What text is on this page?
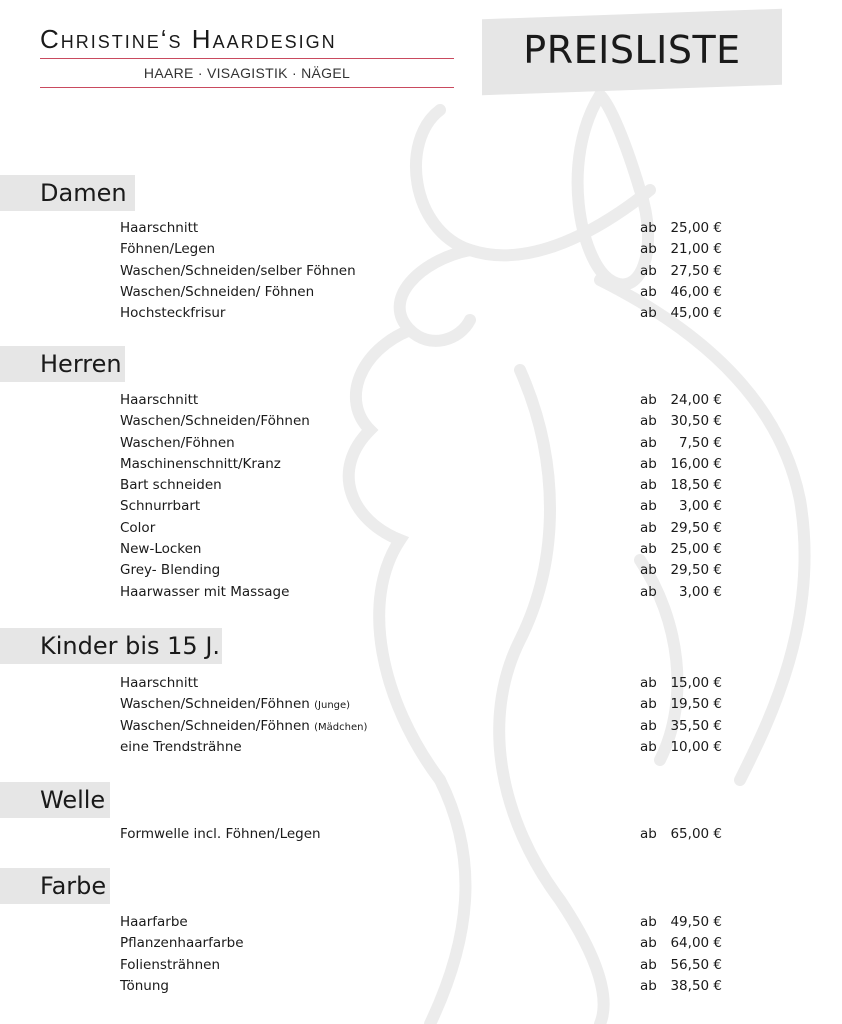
Christine‘s Haardesign
HAARE · VISAGISTIK · NÄGEL
PREISLISTE
Damen
Haarschnitt	ab 25,00 €
Föhnen/Legen	ab 21,00 €
Waschen/Schneiden/selber Föhnen	ab 27,50 €
Waschen/Schneiden/ Föhnen	ab 46,00 €
Hochsteckfrisur	ab 45,00 €
Herren
Haarschnitt	ab 24,00 €
Waschen/Schneiden/Föhnen	ab 30,50 €
Waschen/Föhnen	ab 7,50 €
Maschinenschnitt/Kranz	ab 16,00 €
Bart schneiden	ab 18,50 €
Schnurrbart	ab 3,00 €
Color	ab 29,50 €
New-Locken	ab 25,00 €
Grey- Blending	ab 29,50 €
Haarwasser mit Massage	ab 3,00 €
Kinder bis 15 J.
Haarschnitt	ab 15,00 €
Waschen/Schneiden/Föhnen (Junge)	ab 19,50 €
Waschen/Schneiden/Föhnen (Mädchen)	ab 35,50 €
eine Trendsträhne	ab 10,00 €
Welle
Formwelle incl. Föhnen/Legen	ab 65,00 €
Farbe
Haarfarbe	ab 49,50 €
Pflanzenhaarfarbe	ab 64,00 €
Foliensträhnen	ab 56,50 €
Tönung	ab 38,50 €
